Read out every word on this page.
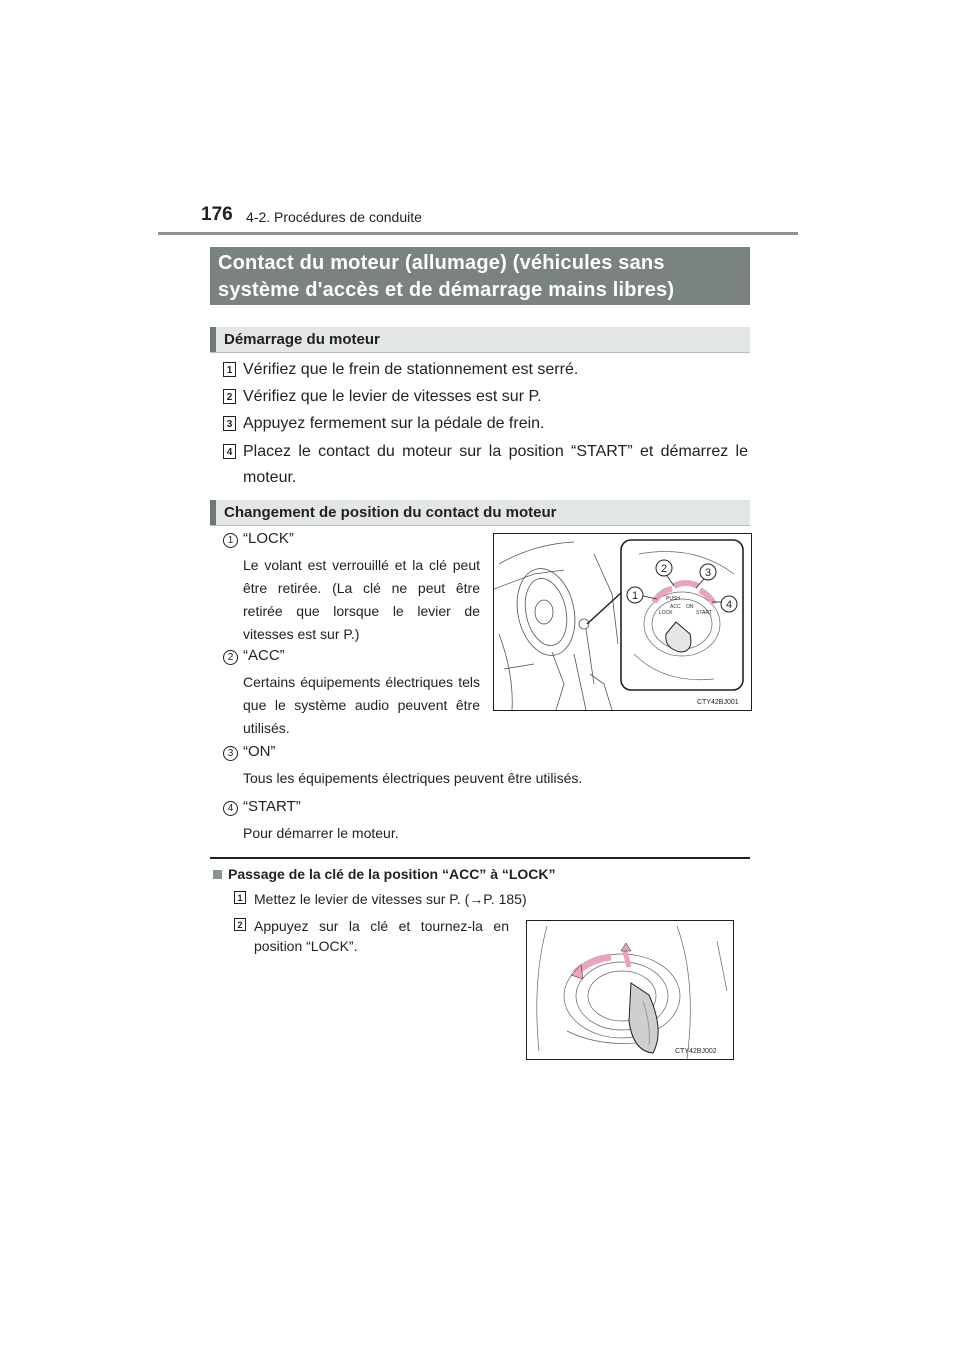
176 4-2. Procédures de conduite
Contact du moteur (allumage) (véhicules sans
système d'accès et de démarrage mains libres)
Démarrage du moteur
1 Vérifiez que le frein de stationnement est serré.
2 Vérifiez que le levier de vitesses est sur P.
3 Appuyez fermement sur la pédale de frein.
4 Placez le contact du moteur sur la position “START” et démarrez le moteur.
Changement de position du contact du moteur
1 “LOCK”
Le volant est verrouillé et la clé peut être retirée. (La clé ne peut être retirée que lorsque le levier de vitesses est sur P.)
2 “ACC”
Certains équipements électriques tels que le système audio peuvent être utilisés.
3 “ON”
Tous les équipements électriques peuvent être utilisés.
4 “START”
Pour démarrer le moteur.
LOCK
ACC ON
START
PUSH
1
2	3
4
CTY42BJ001
Passage de la clé de la position “ACC” à “LOCK”
1 Mettez le levier de vitesses sur P. (→P. 185)
2 Appuyez sur la clé et tournez-la en position “LOCK”.
CTY42BJ002
